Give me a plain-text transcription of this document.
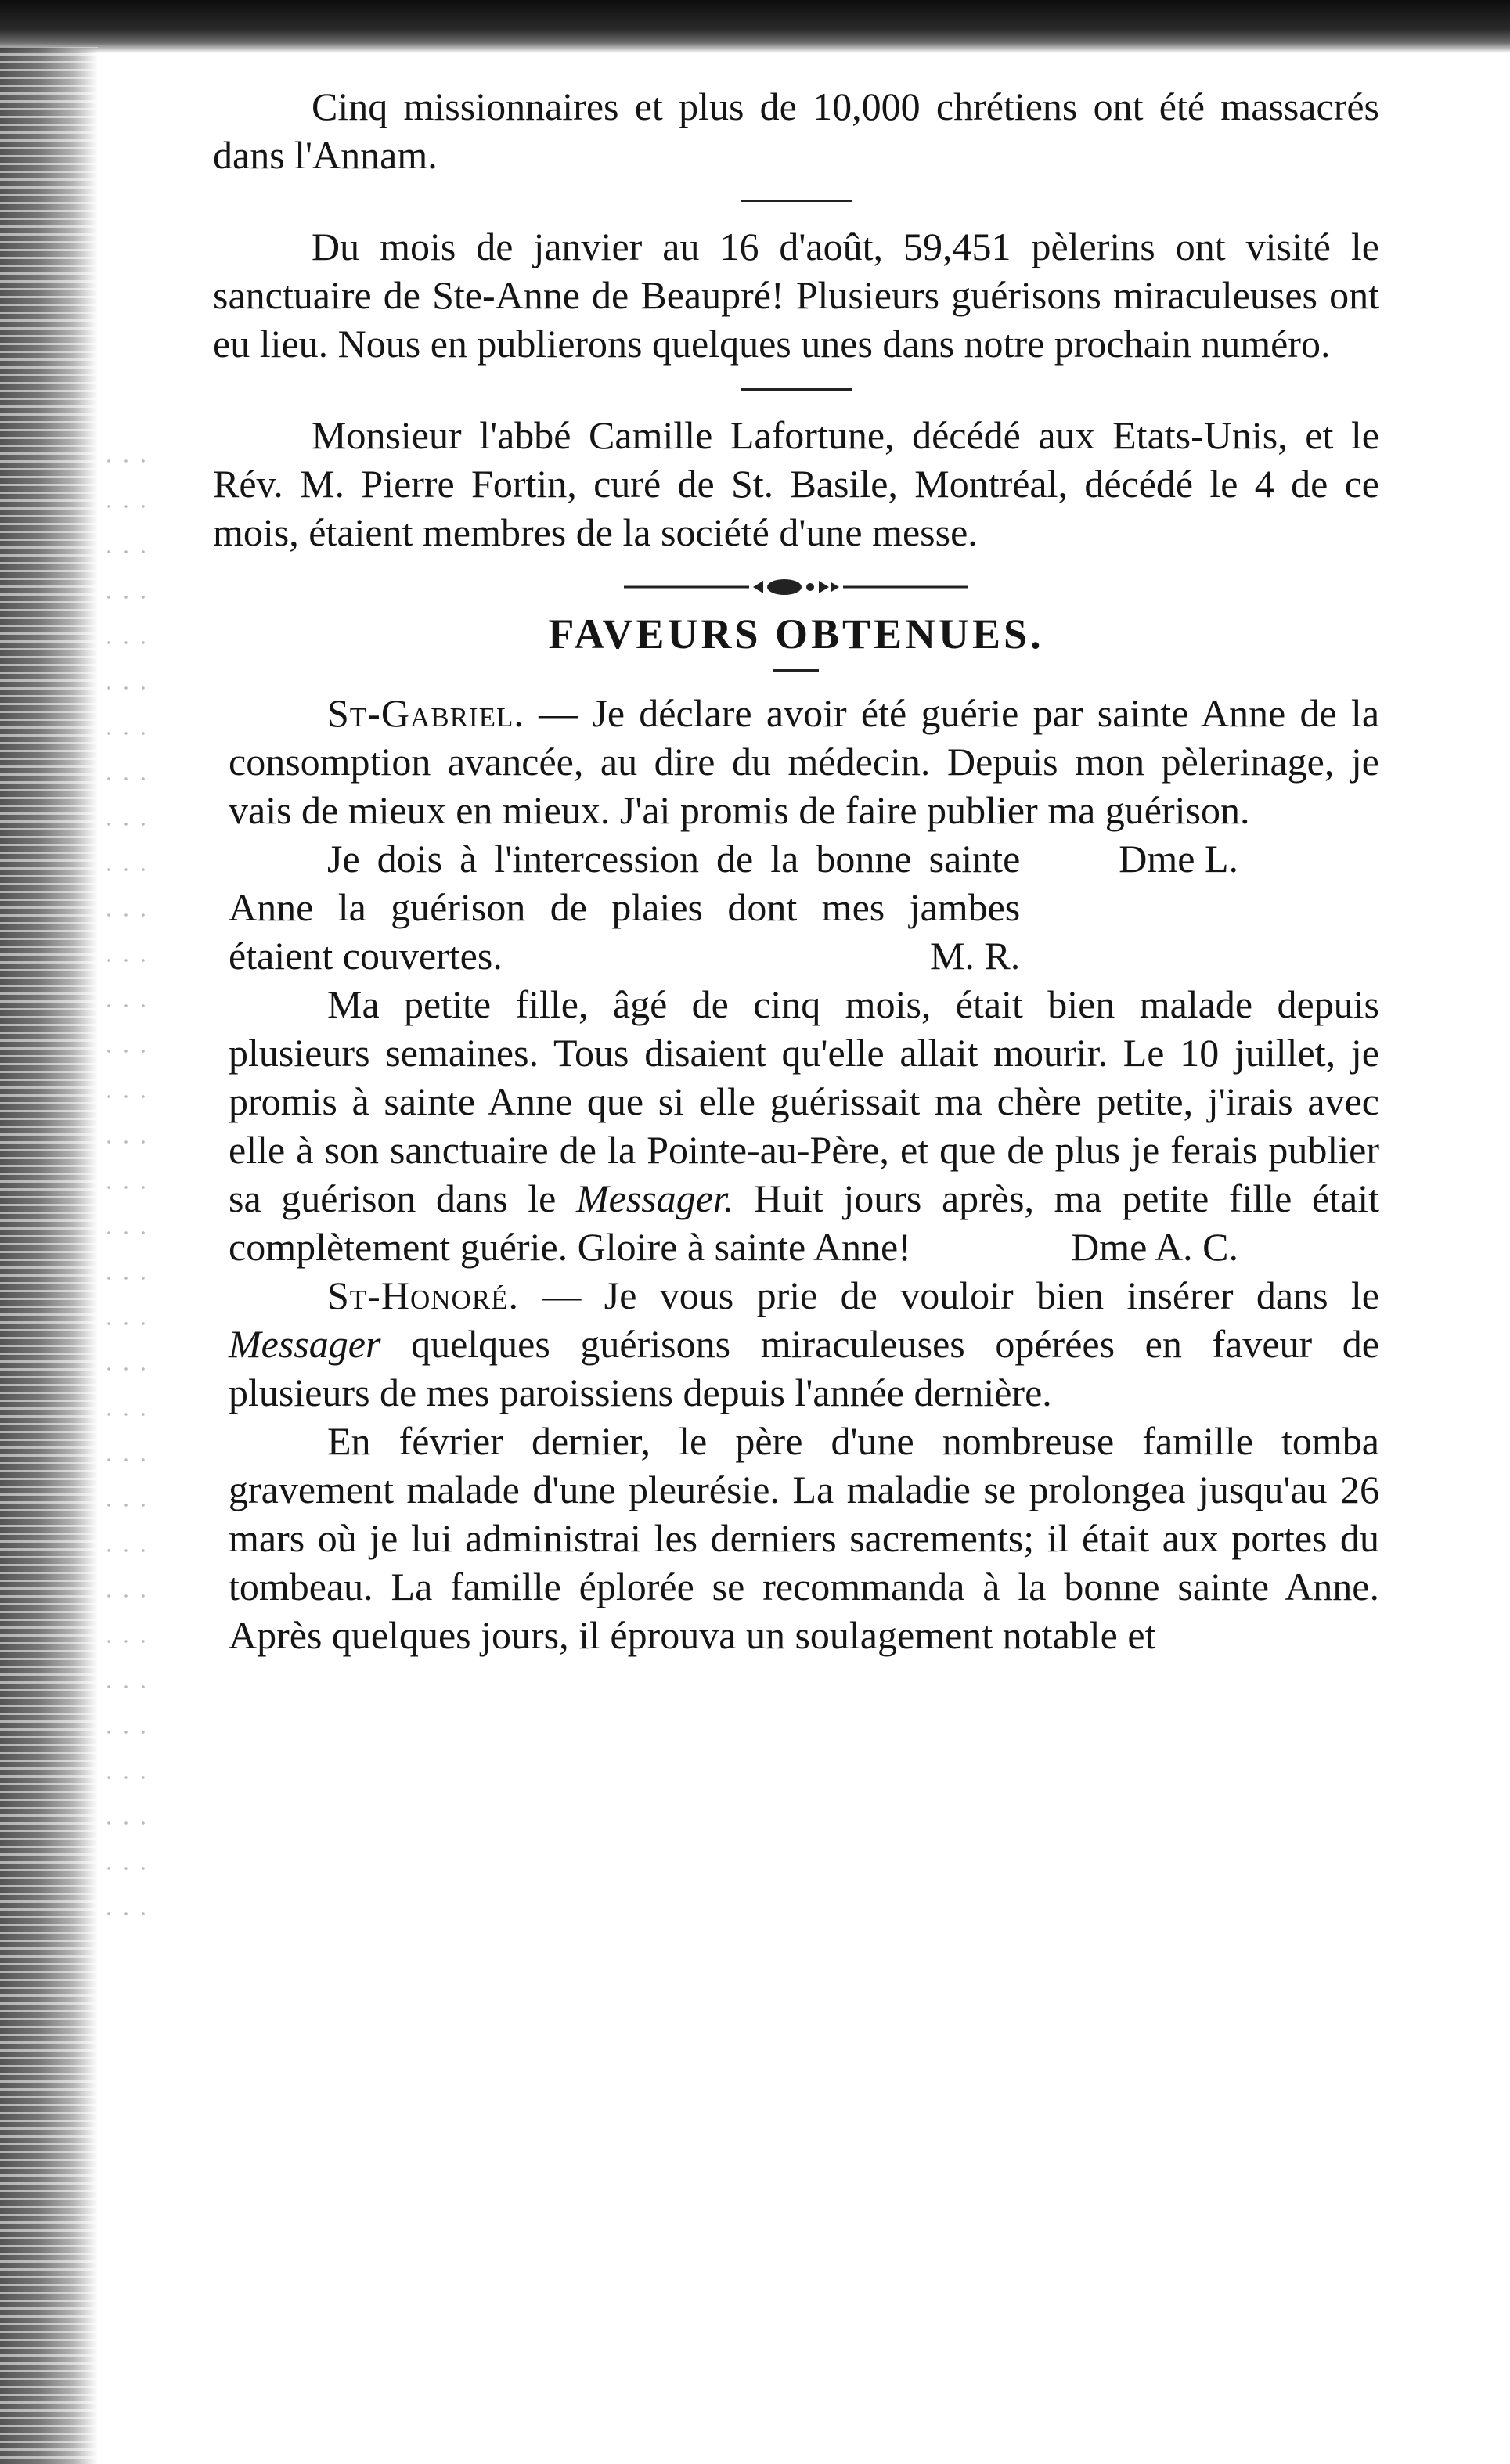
Cinq missionnaires et plus de 10,000 chrétiens ont été massacrés dans l'Annam.

Du mois de janvier au 16 d'août, 59,451 pèlerins ont visité le sanctuaire de Ste-Anne de Beaupré! Plusieurs guérisons miraculeuses ont eu lieu. Nous en publierons quelques unes dans notre prochain numéro.

Monsieur l'abbé Camille Lafortune, décédé aux Etats-Unis, et le Rév. M. Pierre Fortin, curé de St. Basile, Montréal, décédé le 4 de ce mois, étaient membres de la société d'une messe.

FAVEURS OBTENUES.

St-Gabriel. — Je déclare avoir été guérie par sainte Anne de la consomption avancée, au dire du médecin. Depuis mon pèlerinage, je vais de mieux en mieux. J'ai promis de faire publier ma guérison.
Dme L.

Je dois à l'intercession de la bonne sainte Anne la guérison de plaies dont mes jambes étaient couvertes.	M. R.

Ma petite fille, âgé de cinq mois, était bien malade depuis plusieurs semaines. Tous disaient qu'elle allait mourir. Le 10 juillet, je promis à sainte Anne que si elle guérissait ma chère petite, j'irais avec elle à son sanctuaire de la Pointe-au-Père, et que de plus je ferais publier sa guérison dans le Messager. Huit jours après, ma petite fille était complètement guérie. Gloire à sainte Anne!	Dme A. C.

St-Honoré. — Je vous prie de vouloir bien insérer dans le Messager quelques guérisons miraculeuses opérées en faveur de plusieurs de mes paroissiens depuis l'année dernière.

En février dernier, le père d'une nombreuse famille tomba gravement malade d'une pleurésie. La maladie se prolongea jusqu'au 26 mars où je lui administrai les derniers sacrements; il était aux portes du tombeau. La famille éplorée se recommanda à la bonne sainte Anne. Après quelques jours, il éprouva un soulagement notable et
